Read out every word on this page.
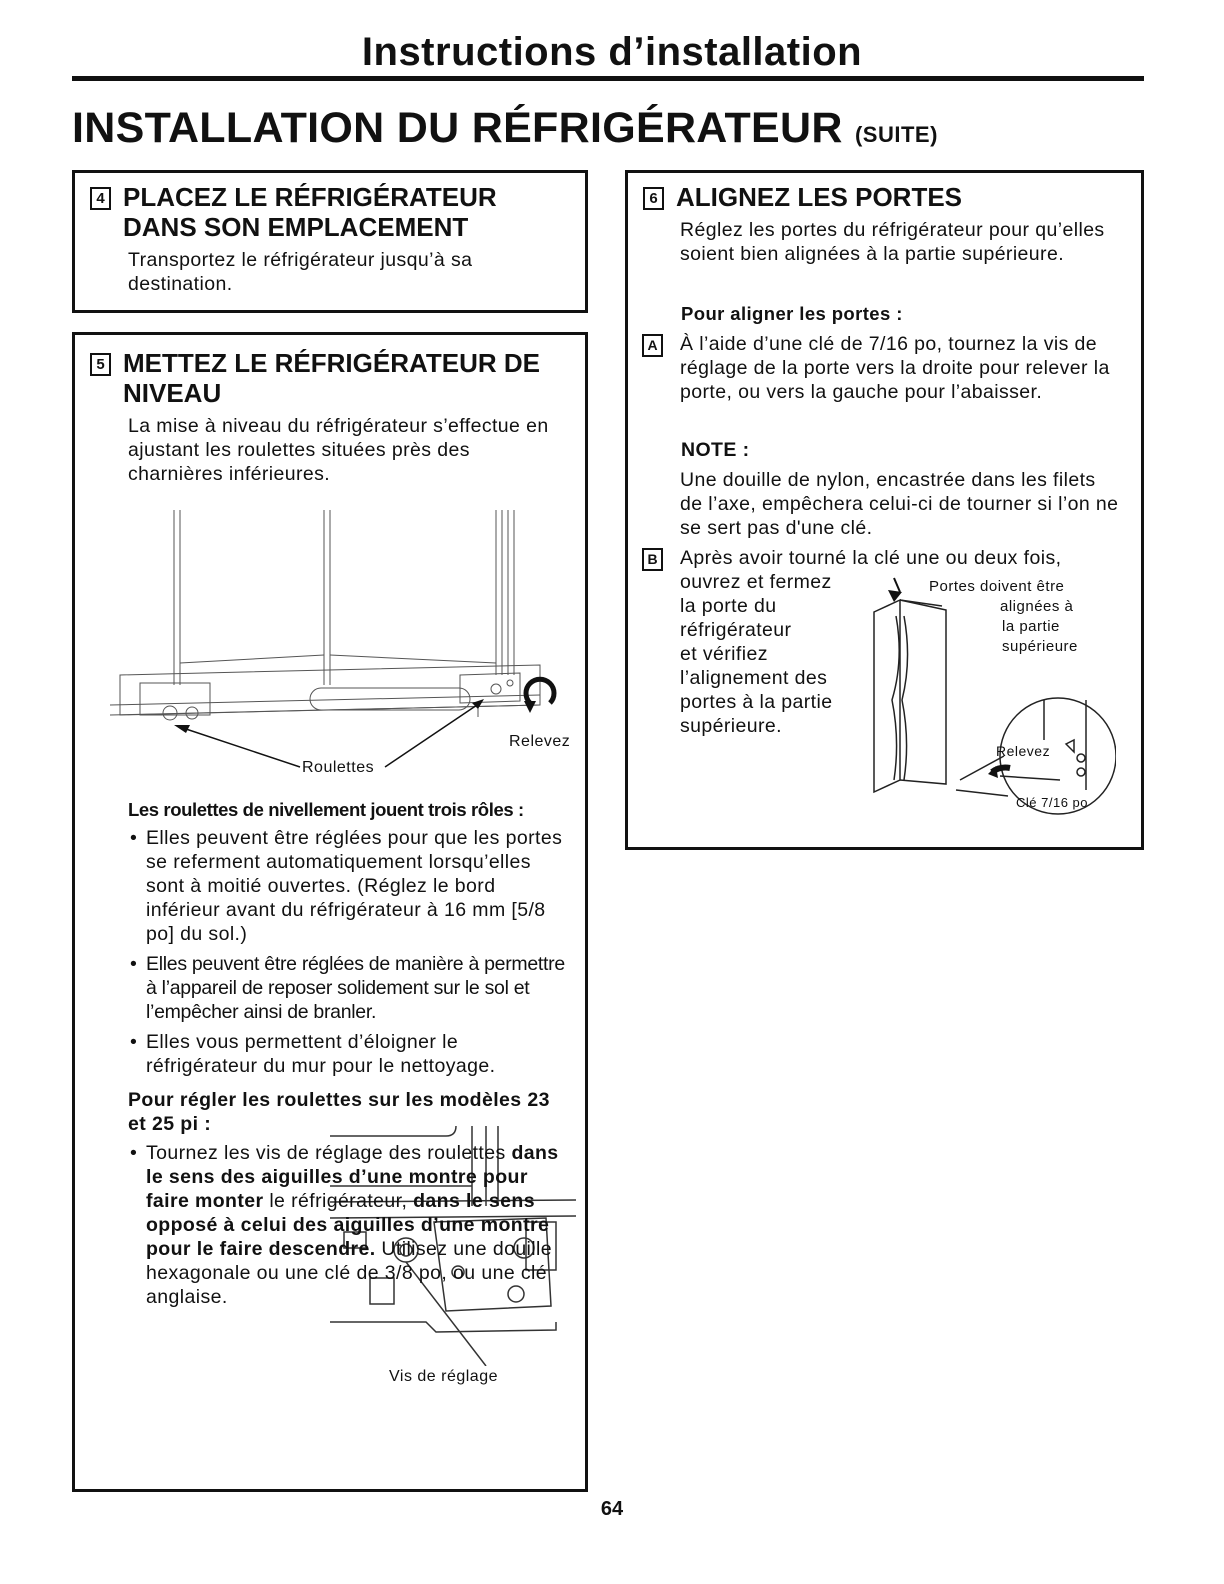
Instructions d’installation
INSTALLATION DU RÉFRIGÉRATEUR (SUITE)
4 PLACEZ LE RÉFRIGÉRATEUR DANS SON EMPLACEMENT
Transportez le réfrigérateur jusqu’à sa destination.
5 METTEZ LE RÉFRIGÉRATEUR DE NIVEAU
La mise à niveau du réfrigérateur s’effectue en ajustant les roulettes situées près des charnières inférieures.
Relevez
Roulettes
Les roulettes de nivellement jouent trois rôles :
• Elles peuvent être réglées pour que les portes se referment automatiquement lorsqu’elles sont à moitié ouvertes. (Réglez le bord inférieur avant du réfrigérateur à 16 mm [5/8 po] du sol.)
• Elles peuvent être réglées de manière à permettre à l’appareil de reposer solidement sur le sol et l’empêcher ainsi de branler.
• Elles vous permettent d’éloigner le réfrigérateur du mur pour le nettoyage.
Pour régler les roulettes sur les modèles 23 et 25 pi :
Vis de réglage
• Tournez les vis de réglage des roulettes dans le sens des aiguilles d’une montre pour faire monter le réfrigérateur, dans le sens opposé à celui des aiguilles d’une montre pour le faire descendre. Utilisez une douille hexagonale ou une clé de 3/8 po, ou une clé anglaise.
6 ALIGNEZ LES PORTES
Réglez les portes du réfrigérateur pour qu’elles soient bien alignées à la partie supérieure.
Pour aligner les portes :
A À l’aide d’une clé de 7/16 po, tournez la vis de réglage de la porte vers la droite pour relever la porte, ou vers la gauche pour l’abaisser.
NOTE :
Une douille de nylon, encastrée dans les filets de l’axe, empêchera celui-ci de tourner si l’on ne se sert pas d'une clé.
B Après avoir tourné la clé une ou deux fois,

ouvrez et fermez

la porte du

réfrigérateur

et vérifiez

l’alignement des

portes à la partie

supérieure.

Portes doivent être
alignées à
la partie
supérieure
Relevez
Clé 7/16 po
64
